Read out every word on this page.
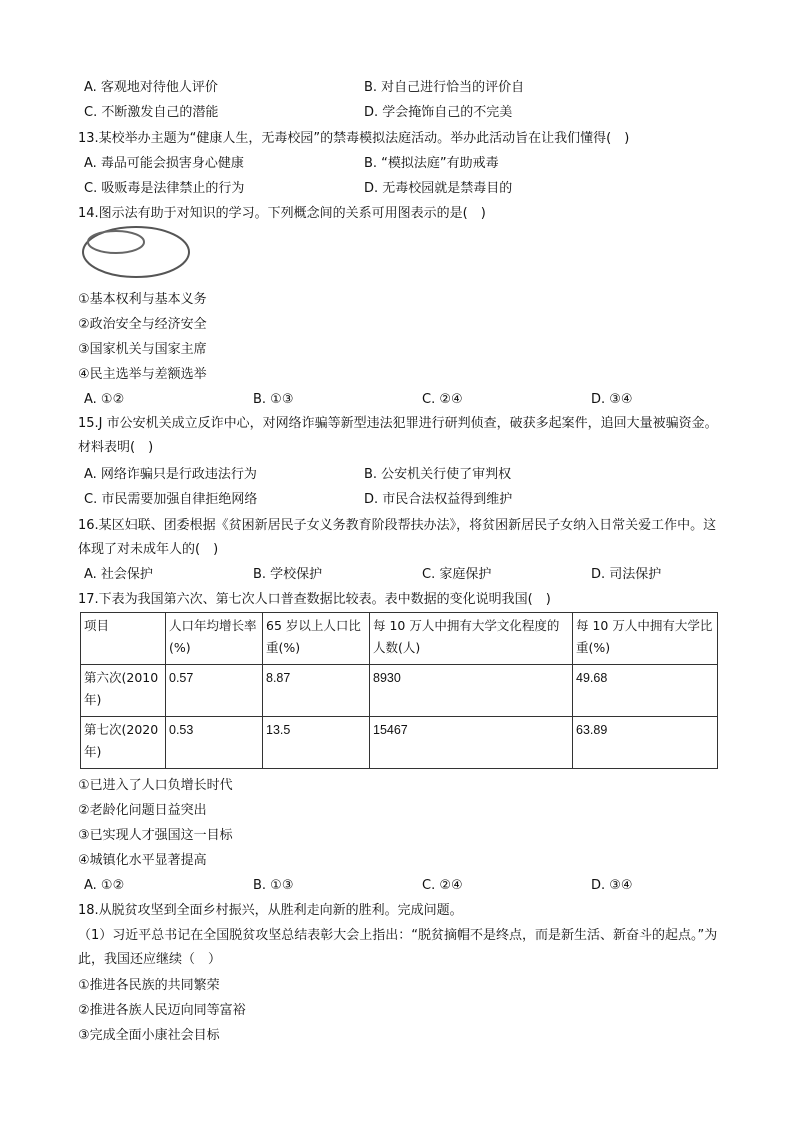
A. 客观地对待他人评价	B. 对自己进行恰当的评价自
C. 不断激发自己的潜能	D. 学会掩饰自己的不完美
13.某校举办主题为“健康人生，无毒校园”的禁毒模拟法庭活动。举办此活动旨在让我们懂得(　)
A. 毒品可能会损害身心健康	B. “模拟法庭”有助戒毒
C. 吸贩毒是法律禁止的行为	D. 无毒校园就是禁毒目的
14.图示法有助于对知识的学习。下列概念间的关系可用图表示的是(　)
①基本权利与基本义务
②政治安全与经济安全
③国家机关与国家主席
④民主选举与差额选举
A. ①②	B. ①③	C. ②④	D. ③④
15.J 市公安机关成立反诈中心，对网络诈骗等新型违法犯罪进行研判侦查，破获多起案件，追回大量被骗资金。材料表明(　)
A. 网络诈骗只是行政违法行为	B. 公安机关行使了审判权
C. 市民需要加强自律拒绝网络	D. 市民合法权益得到维护
16.某区妇联、团委根据《贫困新居民子女义务教育阶段帮扶办法》，将贫困新居民子女纳入日常关爱工作中。这体现了对未成年人的(　)
A. 社会保护	B. 学校保护	C. 家庭保护	D. 司法保护
17.下表为我国第六次、第七次人口普查数据比较表。表中数据的变化说明我国(　)
项目	人口年均增长率(%)	65 岁以上人口比重(%)	每 10 万人中拥有大学文化程度的人数(人)	每 10 万人中拥有大学比重(%)
第六次(2010年)	0.57	8.87	8930	49.68
第七次(2020年)	0.53	13.5	15467	63.89
①已进入了人口负增长时代
②老龄化问题日益突出
③已实现人才强国这一目标
④城镇化水平显著提高
A. ①②	B. ①③	C. ②④	D. ③④
18.从脱贫攻坚到全面乡村振兴，从胜利走向新的胜利。完成问题。
（1）习近平总书记在全国脱贫攻坚总结表彰大会上指出：“脱贫摘帽不是终点，而是新生活、新奋斗的起点。”为此，我国还应继续（　）
①推进各民族的共同繁荣
②推进各族人民迈向同等富裕
③完成全面小康社会目标
